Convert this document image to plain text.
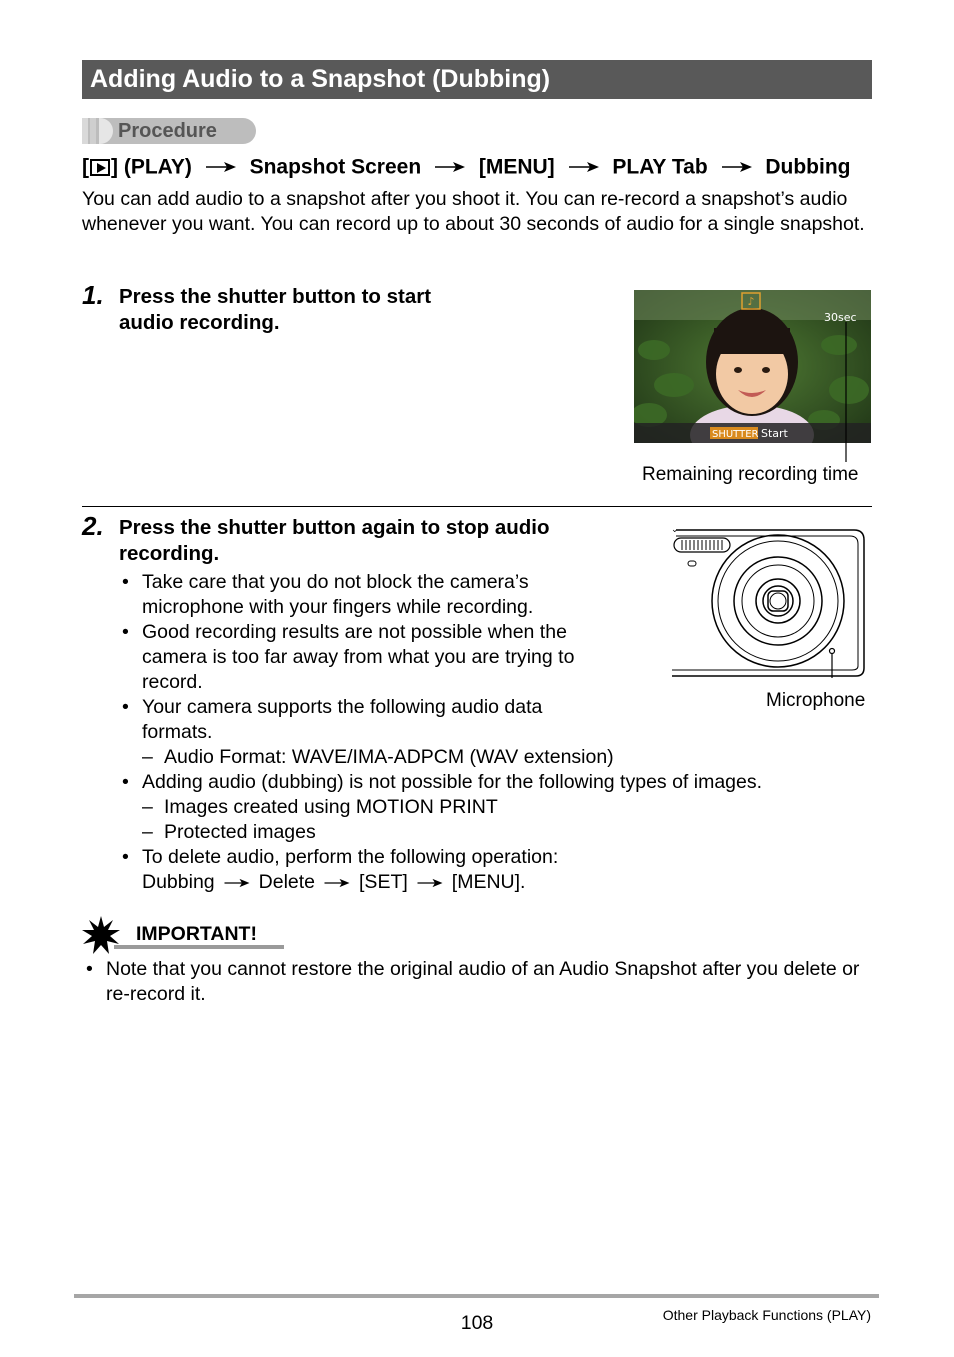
Adding Audio to a Snapshot (Dubbing)
Procedure
[ ] (PLAY)	Snapshot Screen	[MENU]	PLAY Tab	Dubbing
You can add audio to a snapshot after you shoot it. You can re-record a snapshot’s audio whenever you want. You can record up to about 30 seconds of audio for a single snapshot.
1. Press the shutter button to start
audio recording.
♪
30sec
SHUTTER Start
Remaining recording time
2. Press the shutter button again to stop audio
recording.
⌄
Microphone
• Take care that you do not block the camera’s
microphone with your fingers while recording.
• Good recording results are not possible when the
camera is too far away from what you are trying to
record.
• Your camera supports the following audio data
formats.
– Audio Format: WAVE/IMA-ADPCM (WAV extension)
• Adding audio (dubbing) is not possible for the following types of images.
– Images created using MOTION PRINT
– Protected images
• To delete audio, perform the following operation:
Dubbing Delete [SET] [MENU].
IMPORTANT!
• Note that you cannot restore the original audio of an Audio Snapshot after you delete or re-record it.
108	Other Playback Functions (PLAY)
